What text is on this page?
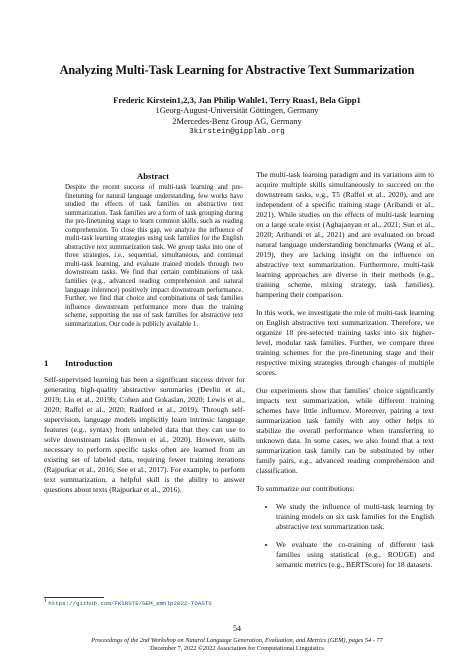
Analyzing Multi-Task Learning for Abstractive Text Summarization
Frederic Kirstein1,2,3, Jan Philip Wahle1, Terry Ruas1, Bela Gipp1
1Georg-August-Universität Göttingen, Germany
2Mercedes-Benz Group AG, Germany
3kirstein@gipplab.org
Abstract
Despite the recent success of multi-task learning and pre-finetuning for natural language understanding, few works have studied the effects of task families on abstractive text summarization. Task families are a form of task grouping during the pre-finetuning stage to learn common skills, such as reading comprehension. To close this gap, we analyze the influence of multi-task learning strategies using task families for the English abstractive text summarization task. We group tasks into one of three strategies, i.e., sequential, simultaneous, and continual multi-task learning, and evaluate trained models through two downstream tasks. We find that certain combinations of task families (e.g., advanced reading comprehension and natural language inference) positively impact downstream performance. Further, we find that choice and combinations of task families influence downstream performance more than the training scheme, supporting the use of task families for abstractive text summarization. Our code is publicly available 1.
1 Introduction
Self-supervised learning has been a significant success driver for generating high-quality abstractive summaries (Devlin et al., 2019; Liu et al., 2019b; Cohen and Gokaslan, 2020; Lewis et al., 2020; Raffel et al., 2020; Radford et al., 2019). Through self-supervision, language models implicitly learn intrinsic language features (e.g., syntax) from unlabeled data that they can use to solve downstream tasks (Brown et al., 2020). However, skills necessary to perform specific tasks often are learned from an existing set of labeled data, requiring fewer training iterations (Rajpurkar et al., 2016; See et al., 2017). For example, to perform text summarization, a helpful skill is the ability to answer questions about texts (Rajpurkar et al., 2016).

The multi-task learning paradigm and its variations aim to acquire multiple skills simultaneously to succeed on the downstream tasks, e.g., T5 (Raffel et al., 2020), and are independent of a specific training stage (Aribandi et al., 2021). While studies on the effects of multi-task learning on a large scale exist (Aghajanyan et al., 2021; Sun et al., 2020; Aribandi et al., 2021) and are evaluated on broad natural language understanding benchmarks (Wang et al., 2019), they are lacking insight on the influence on abstractive text summarization. Furthermore, multi-task learning approaches are diverse in their methods (e.g., training scheme, mixing strategy, task families), hampering their comparison.

In this work, we investigate the role of multi-task learning on English abstractive text summarization. Therefore, we organize 18 pre-selected training tasks into six higher-level, modular task families. Further, we compare three training schemes for the pre-finetuning stage and their respective mixing strategies through changes of multiple scores.

Our experiments show that families’ choice significantly impacts text summarization, while different training schemes have little influence. Moreover, pairing a text summarization task family with any other helps to stabilize the overall performance when transferring to unknown data. In some cases, we also found that a text summarization task family can be substituted by other family pairs, e.g., advanced reading comprehension and classification.

To summarize our contributions:

• We study the influence of multi-task learning by training models on six task families for the English abstractive text summarization task.
• We evaluate the co-training of different task families using statistical (e.g., ROUGE) and semantic metrics (e.g., BERTScore) for 18 datasets.
$^1$ https://github.com/FKIRSTE/GEM_emnlp2022-TOASTS
54
Proceedings of the 2nd Workshop on Natural Language Generation, Evaluation, and Metrics (GEM), pages 54 - 77
December 7, 2022 ©2022 Association for Computational Linguistics
